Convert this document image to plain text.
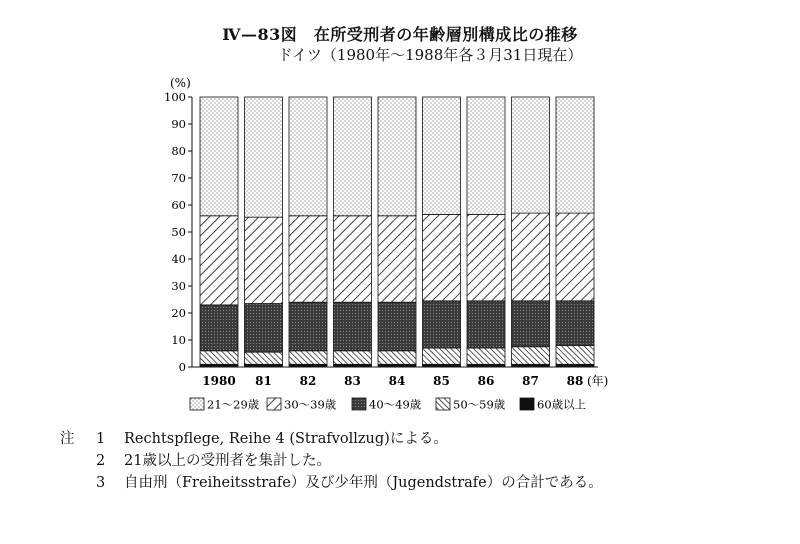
Ⅳ—83図　在所受刑者の年齢層別構成比の推移
ドイツ（1980年～1988年各３月31日現在）
(%)
0
10
20
30
40
50
60
70
80
90
100
1980 81 82 83 84 85 86 87 88 (年)
21～29歳 30～39歳	40～49歳	50～59歳	60歳以上
注	1	Rechtspflege, Reihe 4 (Strafvollzug)による。
2	21歳以上の受刑者を集計した。
3	自由刑（Freiheitsstrafe）及び少年刑（Jugendstrafe）の合計である。
